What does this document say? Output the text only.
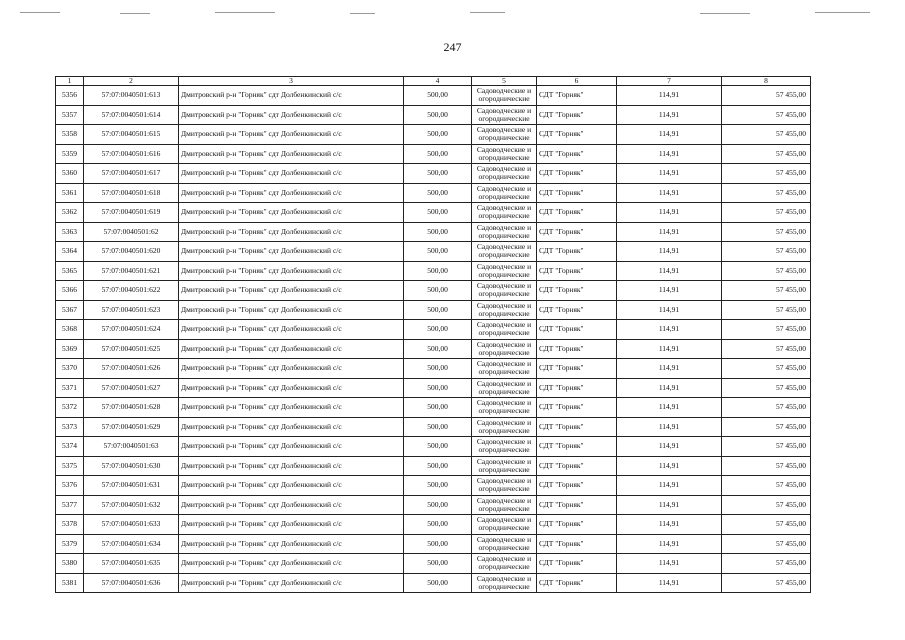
247
1	2	3	4	5	6	7	8
5356	57:07:0040501:613	Дмитровский р-н "Горняк" сдт Долбенкинский с/с	500,00	Садоводческие и огороднические	СДТ "Горняк"	114,91	57 455,00
5357	57:07:0040501:614	Дмитровский р-н "Горняк" сдт Долбенкинский с/с	500,00	Садоводческие и огороднические	СДТ "Горняк"	114,91	57 455,00
5358	57:07:0040501:615	Дмитровский р-н "Горняк" сдт Долбенкинский с/с	500,00	Садоводческие и огороднические	СДТ "Горняк"	114,91	57 455,00
5359	57:07:0040501:616	Дмитровский р-н "Горняк" сдт Долбенкинский с/с	500,00	Садоводческие и огороднические	СДТ "Горняк"	114,91	57 455,00
5360	57:07:0040501:617	Дмитровский р-н "Горняк" сдт Долбенкинский с/с	500,00	Садоводческие и огороднические	СДТ "Горняк"	114,91	57 455,00
5361	57:07:0040501:618	Дмитровский р-н "Горняк" сдт Долбенкинский с/с	500,00	Садоводческие и огороднические	СДТ "Горняк"	114,91	57 455,00
5362	57:07:0040501:619	Дмитровский р-н "Горняк" сдт Долбенкинский с/с	500,00	Садоводческие и огороднические	СДТ "Горняк"	114,91	57 455,00
5363	57:07:0040501:62	Дмитровский р-н "Горняк" сдт Долбенкинский с/с	500,00	Садоводческие и огороднические	СДТ "Горняк"	114,91	57 455,00
5364	57:07:0040501:620	Дмитровский р-н "Горняк" сдт Долбенкинский с/с	500,00	Садоводческие и огороднические	СДТ "Горняк"	114,91	57 455,00
5365	57:07:0040501:621	Дмитровский р-н "Горняк" сдт Долбенкинский с/с	500,00	Садоводческие и огороднические	СДТ "Горняк"	114,91	57 455,00
5366	57:07:0040501:622	Дмитровский р-н "Горняк" сдт Долбенкинский с/с	500,00	Садоводческие и огороднические	СДТ "Горняк"	114,91	57 455,00
5367	57:07:0040501:623	Дмитровский р-н "Горняк" сдт Долбенкинский с/с	500,00	Садоводческие и огороднические	СДТ "Горняк"	114,91	57 455,00
5368	57:07:0040501:624	Дмитровский р-н "Горняк" сдт Долбенкинский с/с	500,00	Садоводческие и огороднические	СДТ "Горняк"	114,91	57 455,00
5369	57:07:0040501:625	Дмитровский р-н "Горняк" сдт Долбенкинский с/с	500,00	Садоводческие и огороднические	СДТ "Горняк"	114,91	57 455,00
5370	57:07:0040501:626	Дмитровский р-н "Горняк" сдт Долбенкинский с/с	500,00	Садоводческие и огороднические	СДТ "Горняк"	114,91	57 455,00
5371	57:07:0040501:627	Дмитровский р-н "Горняк" сдт Долбенкинский с/с	500,00	Садоводческие и огороднические	СДТ "Горняк"	114,91	57 455,00
5372	57:07:0040501:628	Дмитровский р-н "Горняк" сдт Долбенкинский с/с	500,00	Садоводческие и огороднические	СДТ "Горняк"	114,91	57 455,00
5373	57:07:0040501:629	Дмитровский р-н "Горняк" сдт Долбенкинский с/с	500,00	Садоводческие и огороднические	СДТ "Горняк"	114,91	57 455,00
5374	57:07:0040501:63	Дмитровский р-н "Горняк" сдт Долбенкинский с/с	500,00	Садоводческие и огороднические	СДТ "Горняк"	114,91	57 455,00
5375	57:07:0040501:630	Дмитровский р-н "Горняк" сдт Долбенкинский с/с	500,00	Садоводческие и огороднические	СДТ "Горняк"	114,91	57 455,00
5376	57:07:0040501:631	Дмитровский р-н "Горняк" сдт Долбенкинский с/с	500,00	Садоводческие и огороднические	СДТ "Горняк"	114,91	57 455,00
5377	57:07:0040501:632	Дмитровский р-н "Горняк" сдт Долбенкинский с/с	500,00	Садоводческие и огороднические	СДТ "Горняк"	114,91	57 455,00
5378	57:07:0040501:633	Дмитровский р-н "Горняк" сдт Долбенкинский с/с	500,00	Садоводческие и огороднические	СДТ "Горняк"	114,91	57 455,00
5379	57:07:0040501:634	Дмитровский р-н "Горняк" сдт Долбенкинский с/с	500,00	Садоводческие и огороднические	СДТ "Горняк"	114,91	57 455,00
5380	57:07:0040501:635	Дмитровский р-н "Горняк" сдт Долбенкинский с/с	500,00	Садоводческие и огороднические	СДТ "Горняк"	114,91	57 455,00
5381	57:07:0040501:636	Дмитровский р-н "Горняк" сдт Долбенкинский с/с	500,00	Садоводческие и огороднические	СДТ "Горняк"	114,91	57 455,00
